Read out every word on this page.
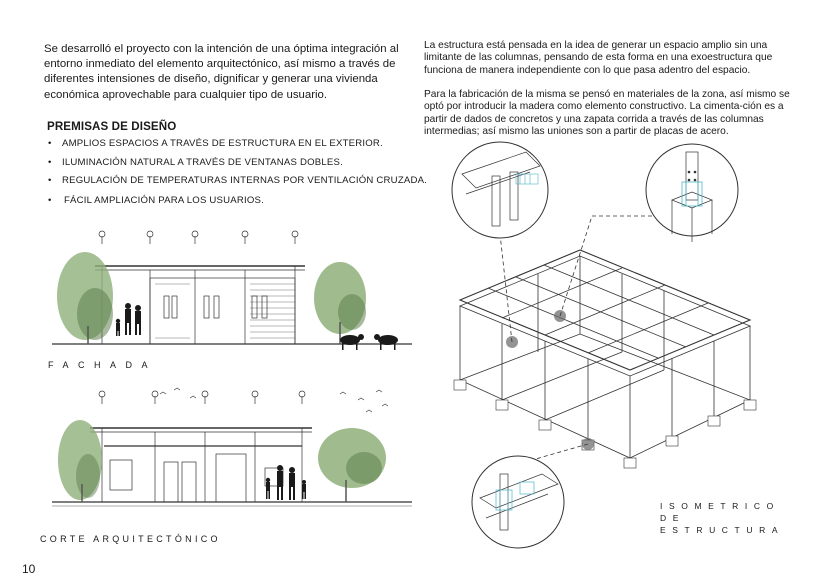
Se desarrolló el proyecto con la intención de una óptima integración al entorno inmediato del elemento arquitectónico, así mismo a través de diferentes intensiones de diseño, dignificar y generar una vivienda económica aprovechable para cualquier tipo de usuario.
La estructura está pensada en la idea de generar un espacio amplio sin una limitante de las columnas, pensando de esta forma en una exoestructura que funciona de manera independiente con lo que pasa adentro del espacio.
Para la fabricación de la misma se pensó en materiales de la zona, así mismo se optó por introducir la madera como elemento constructivo. La cimenta-ción es a partir de dados de concretos y una zapata corrida a través de las columnas intermedias; así mismo las uniones son a partir de placas de acero.
PREMISAS DE DISEÑO
• AMPLIOS ESPACIOS A TRAVÉS DE ESTRUCTURA EN EL EXTERIOR.
• ILUMINACIÓN NATURAL A TRAVÉS DE VENTANAS DOBLES.
• REGULACIÓN DE TEMPERATURAS INTERNAS POR VENTILACIÓN CRUZADA.
• FÁCIL AMPLIACIÓN PARA LOS USUARIOS.
FACHADA
CORTE ARQUITECTÓNICO
ISOMETRICO DE
ESTRUCTURA
10
